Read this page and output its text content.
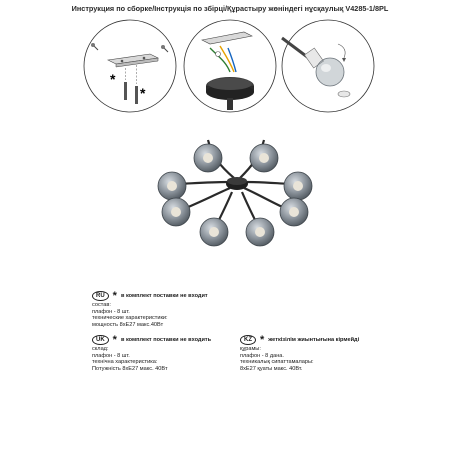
Инструкция по сборке/Інструкція по збірці/Құрастыру жөніндегі нұсқаулық V4285-1/8PL
*
*
RU * в комплект поставки не входит
состав:
плафон - 8 шт.
технические характеристики:
мощность 8xE27 макс.40Вт
UK * в комплект поставки не входить
склад:
плафон - 8 шт.
технічна характеристика:
Потужність 8xE27 макс. 40Вт
KZ * жеткізілім жиынтығына кірмейді
құрамы:
плафон - 8 дана.
техникалық сипаттамалары:
8xE27 қуаты макс. 40Вт.
